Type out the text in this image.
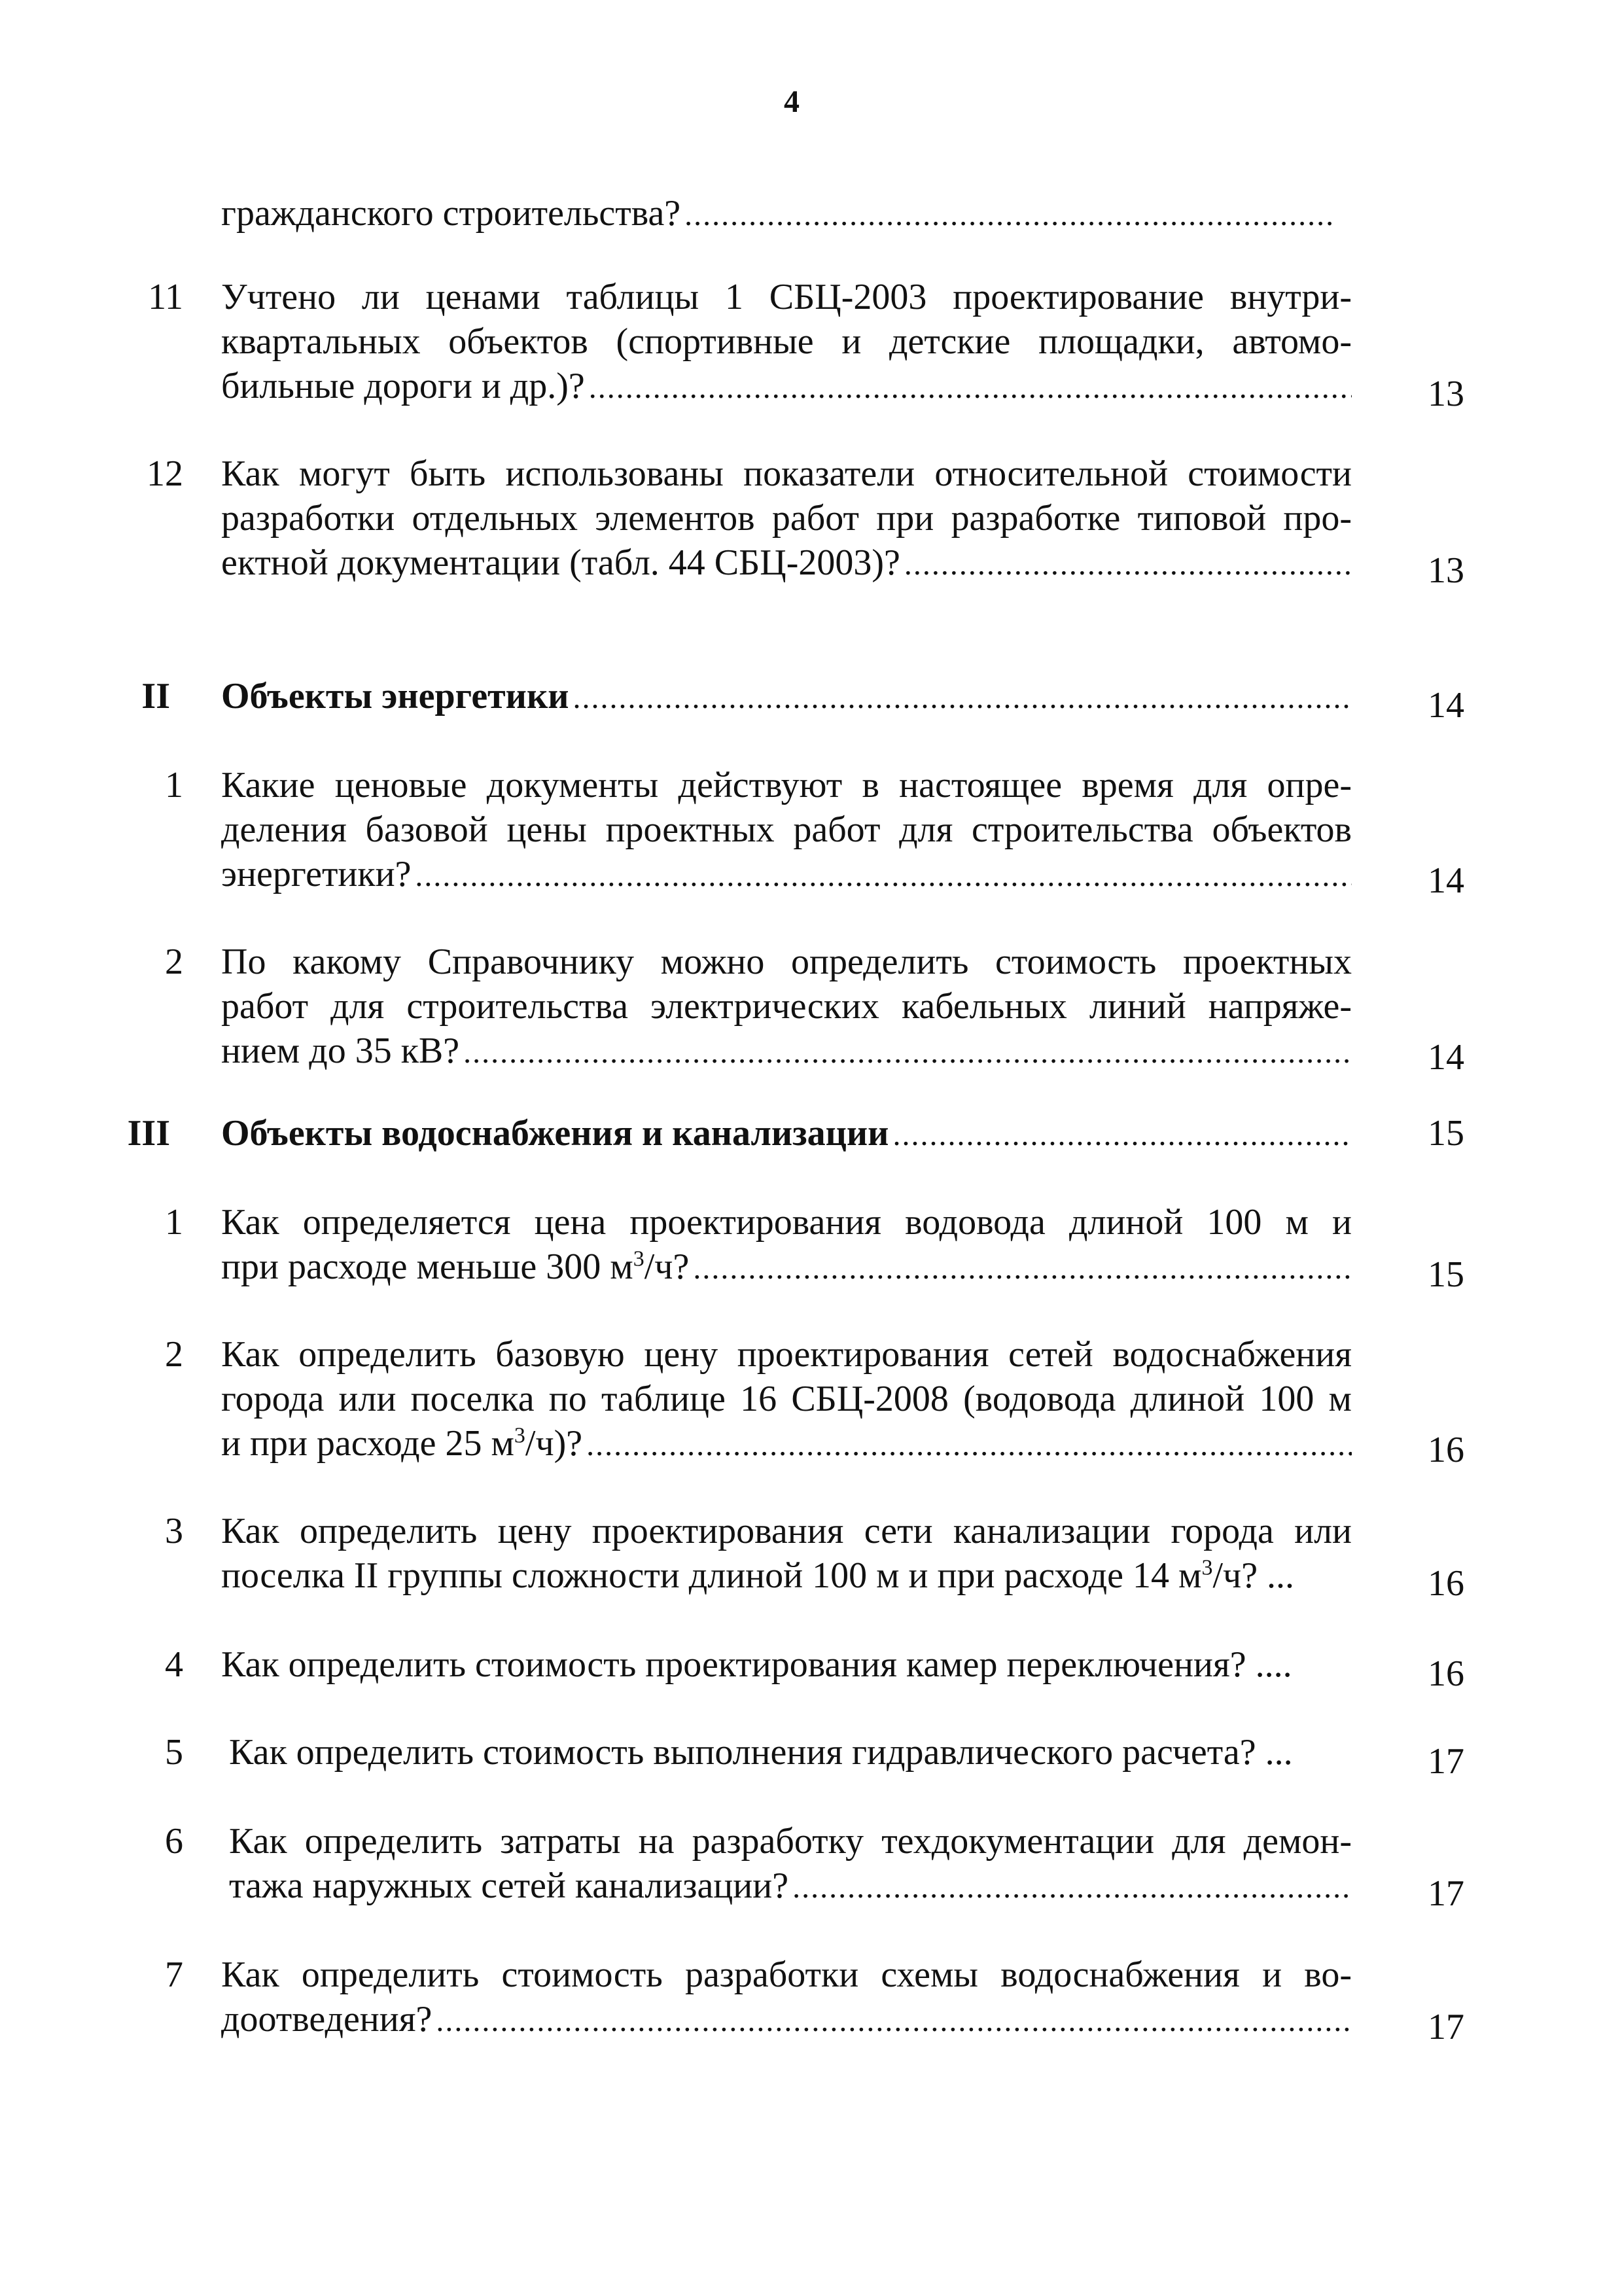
4
гражданского строительства?
.....
11 Учтено ли ценами таблицы 1 СБЦ-2003 проектирование внутри-
квартальных объектов (спортивные и детские площадки, автомо-
бильные дороги и др.)? .....	13
12 Как могут быть использованы показатели относительной стоимости
разработки отдельных элементов работ при разработке типовой про-
ектной документации (табл. 44 СБЦ-2003)? .....	13
II Объекты энергетики .....	14
1 Какие ценовые документы действуют в настоящее время для опре-
деления базовой цены проектных работ для строительства объектов
энергетики? .....	14
2 По какому Справочнику можно определить стоимость проектных
работ для строительства электрических кабельных линий напряже-
нием до 35 кВ? .....	14
III Объекты водоснабжения и канализации .....	15
1 Как определяется цена проектирования водовода длиной 100 м и
при расходе меньше 300 $м^3/ч$? .....	15
2 Как определить базовую цену проектирования сетей водоснабжения
города или поселка по таблице 16 СБЦ-2008 (водовода длиной 100 м
и при расходе 25 $м^3/ч$)? .....	16
3 Как определить цену проектирования сети канализации города или
поселка II группы сложности длиной 100 м и при расходе 14 $м^3/ч$? ...	16
4 Как определить стоимость проектирования камер переключения? ....	16
5 Как определить стоимость выполнения гидравлического расчета? ...	17
6 Как определить затраты на разработку техдокументации для демон-
тажа наружных сетей канализации? .....	17
7 Как определить стоимость разработки схемы водоснабжения и во-
доотведения? .....	17
